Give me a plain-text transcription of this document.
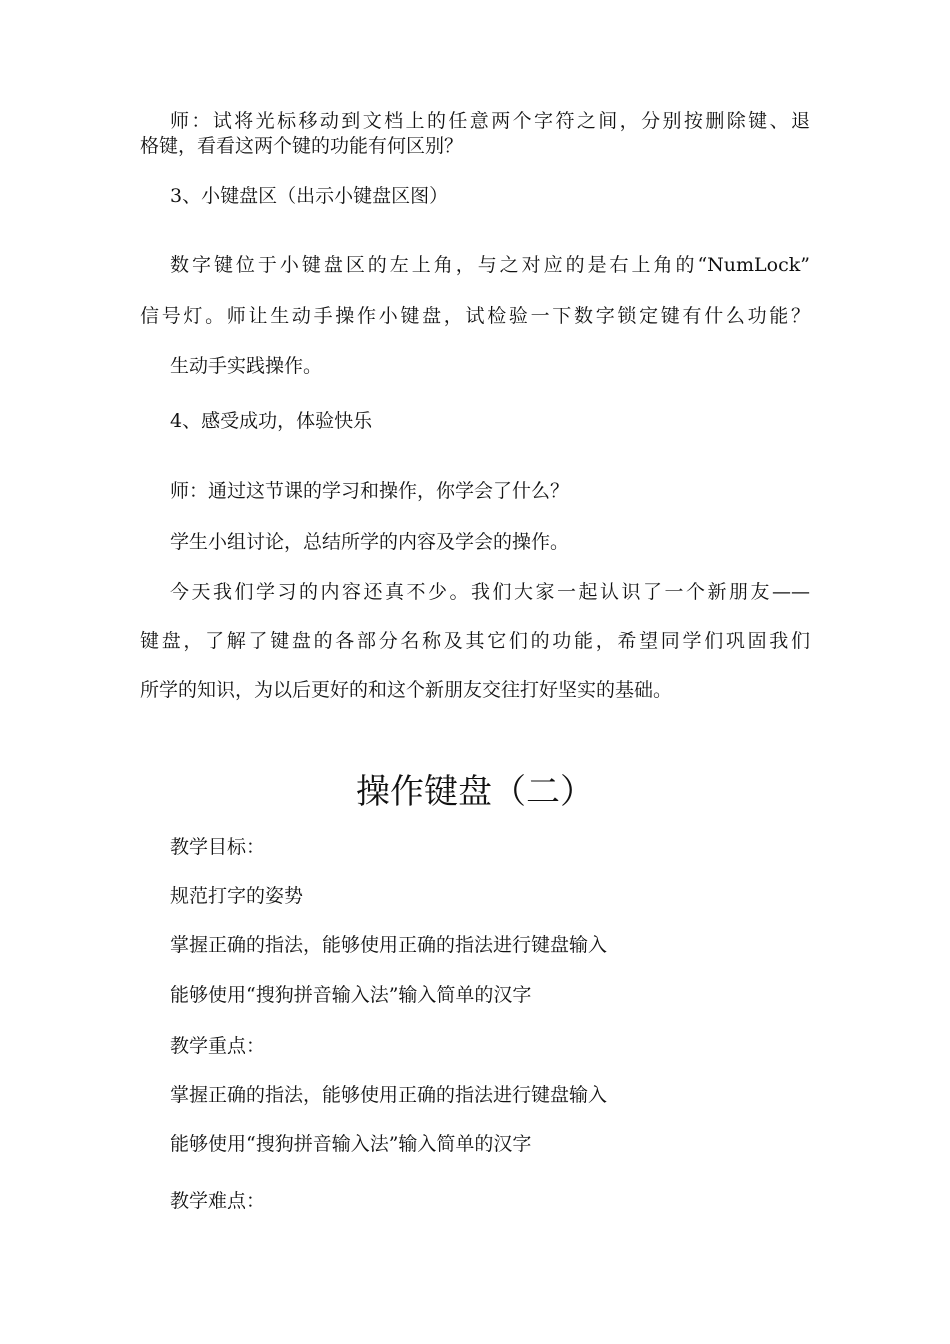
师：试将光标移动到文档上的任意两个字符之间，分别按删除键、退
格键，看看这两个键的功能有何区别？
3、小键盘区（出示小键盘区图）
数字键位于小键盘区的左上角，与之对应的是右上角的“NumLock”
信号灯。师让生动手操作小键盘，试检验一下数字锁定键有什么功能？
生动手实践操作。
4、感受成功，体验快乐
师：通过这节课的学习和操作，你学会了什么？
学生小组讨论，总结所学的内容及学会的操作。
今天我们学习的内容还真不少。我们大家一起认识了一个新朋友——
键盘，了解了键盘的各部分名称及其它们的功能，希望同学们巩固我们
所学的知识，为以后更好的和这个新朋友交往打好坚实的基础。
操作键盘（二）
教学目标：
规范打字的姿势
掌握正确的指法，能够使用正确的指法进行键盘输入
能够使用“搜狗拼音输入法”输入简单的汉字
教学重点：
掌握正确的指法，能够使用正确的指法进行键盘输入
能够使用“搜狗拼音输入法”输入简单的汉字
教学难点：
